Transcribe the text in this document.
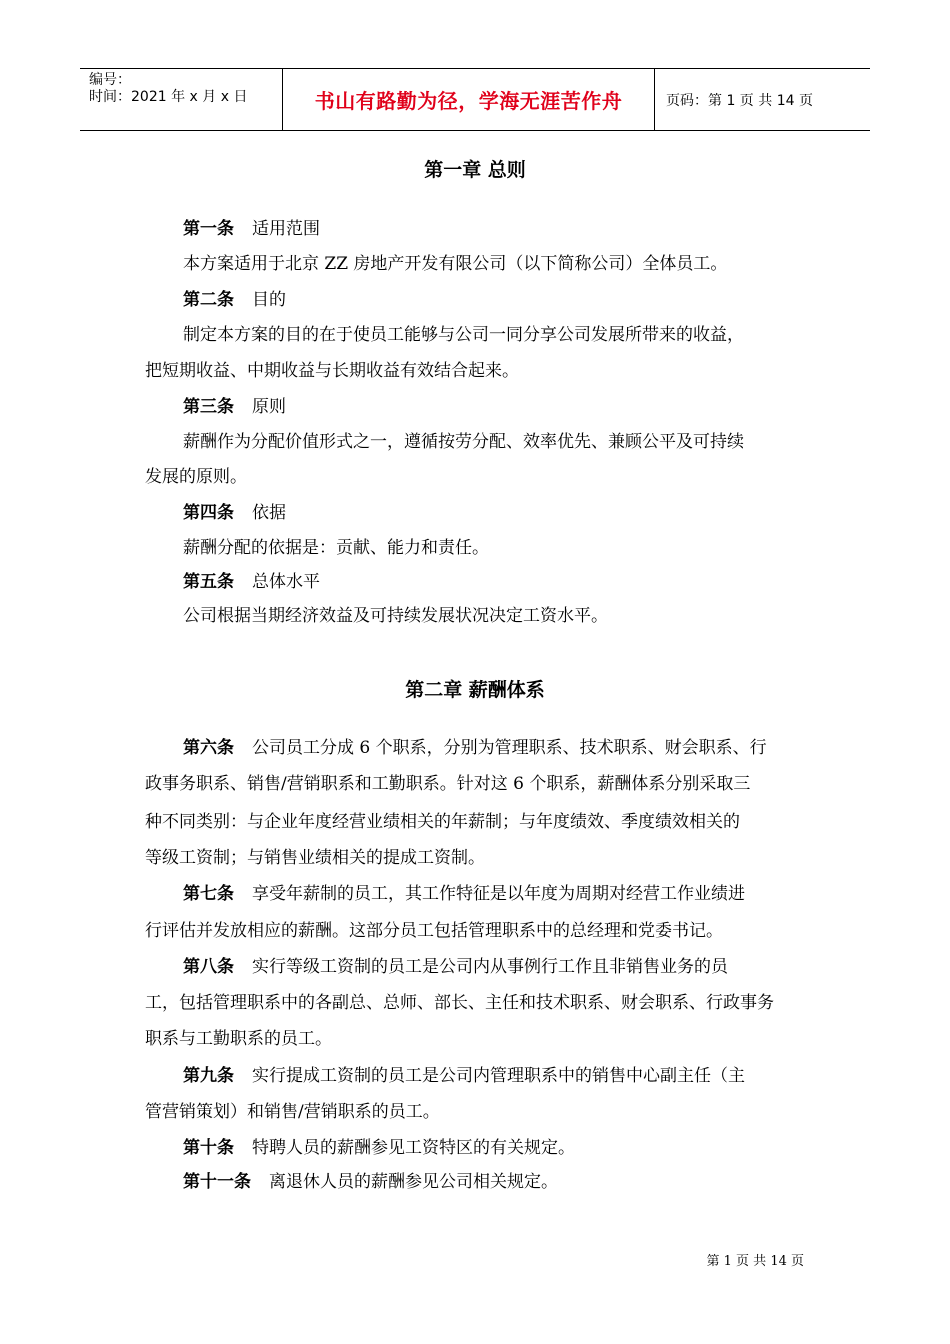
编号：
时间：2021 年 x 月 x 日	书山有路勤为径，学海无涯苦作舟	页码：第 1 页 共 14 页
第一章 总则
第一条 适用范围
本方案适用于北京 ZZ 房地产开发有限公司（以下简称公司）全体员工。
第二条 目的
制定本方案的目的在于使员工能够与公司一同分享公司发展所带来的收益，
把短期收益、中期收益与长期收益有效结合起来。
第三条 原则
薪酬作为分配价值形式之一，遵循按劳分配、效率优先、兼顾公平及可持续
发展的原则。
第四条 依据
薪酬分配的依据是：贡献、能力和责任。
第五条 总体水平
公司根据当期经济效益及可持续发展状况决定工资水平。
第二章 薪酬体系
第六条 公司员工分成 6 个职系，分别为管理职系、技术职系、财会职系、行
政事务职系、销售/营销职系和工勤职系。针对这 6 个职系，薪酬体系分别采取三
种不同类别：与企业年度经营业绩相关的年薪制；与年度绩效、季度绩效相关的
等级工资制；与销售业绩相关的提成工资制。
第七条 享受年薪制的员工，其工作特征是以年度为周期对经营工作业绩进
行评估并发放相应的薪酬。这部分员工包括管理职系中的总经理和党委书记。
第八条 实行等级工资制的员工是公司内从事例行工作且非销售业务的员
工，包括管理职系中的各副总、总师、部长、主任和技术职系、财会职系、行政事务
职系与工勤职系的员工。
第九条 实行提成工资制的员工是公司内管理职系中的销售中心副主任（主
管营销策划）和销售/营销职系的员工。
第十条 特聘人员的薪酬参见工资特区的有关规定。
第十一条 离退休人员的薪酬参见公司相关规定。
第 1 页 共 14 页
